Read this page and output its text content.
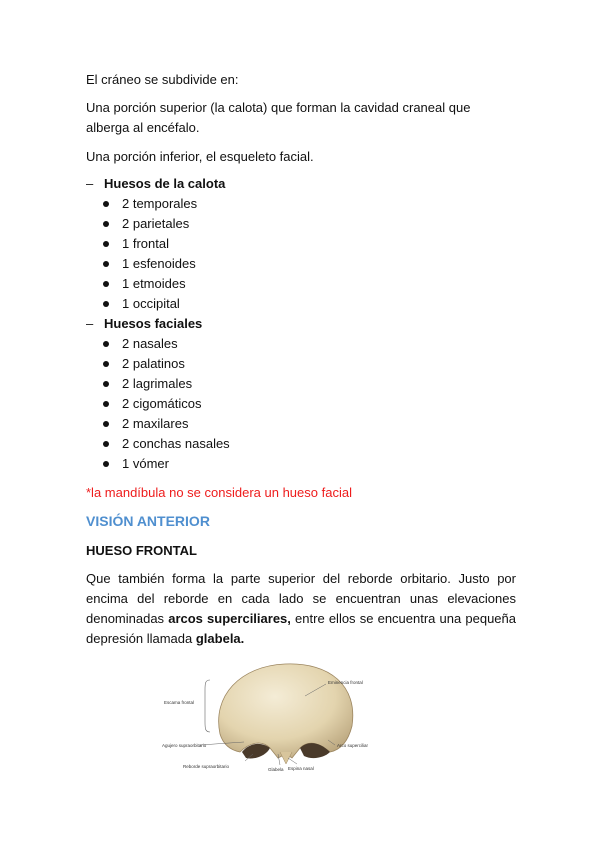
El cráneo se subdivide en:

Una porción superior (la calota) que forman la cavidad craneal que alberga al encéfalo.

Una porción inferior, el esqueleto facial.

– Huesos de la calota
2 temporales
2 parietales
1 frontal
1 esfenoides
1 etmoides
1 occipital
– Huesos faciales
2 nasales
2 palatinos
2 lagrimales
2 cigomáticos
2 maxilares
2 conchas nasales
1 vómer
*la mandíbula no se considera un hueso facial
VISIÓN ANTERIOR
HUESO FRONTAL

Que también forma la parte superior del reborde orbitario. Justo por encima del reborde en cada lado se encuentran unas elevaciones denominadas arcos superciliares, entre ellos se encuentra una pequeña depresión llamada glabela.

Eminencia frontal
Escama frontal
Agujero supraorbitario	Arco superciliar
Reborde supraorbitario
Glabela Espina nasal
